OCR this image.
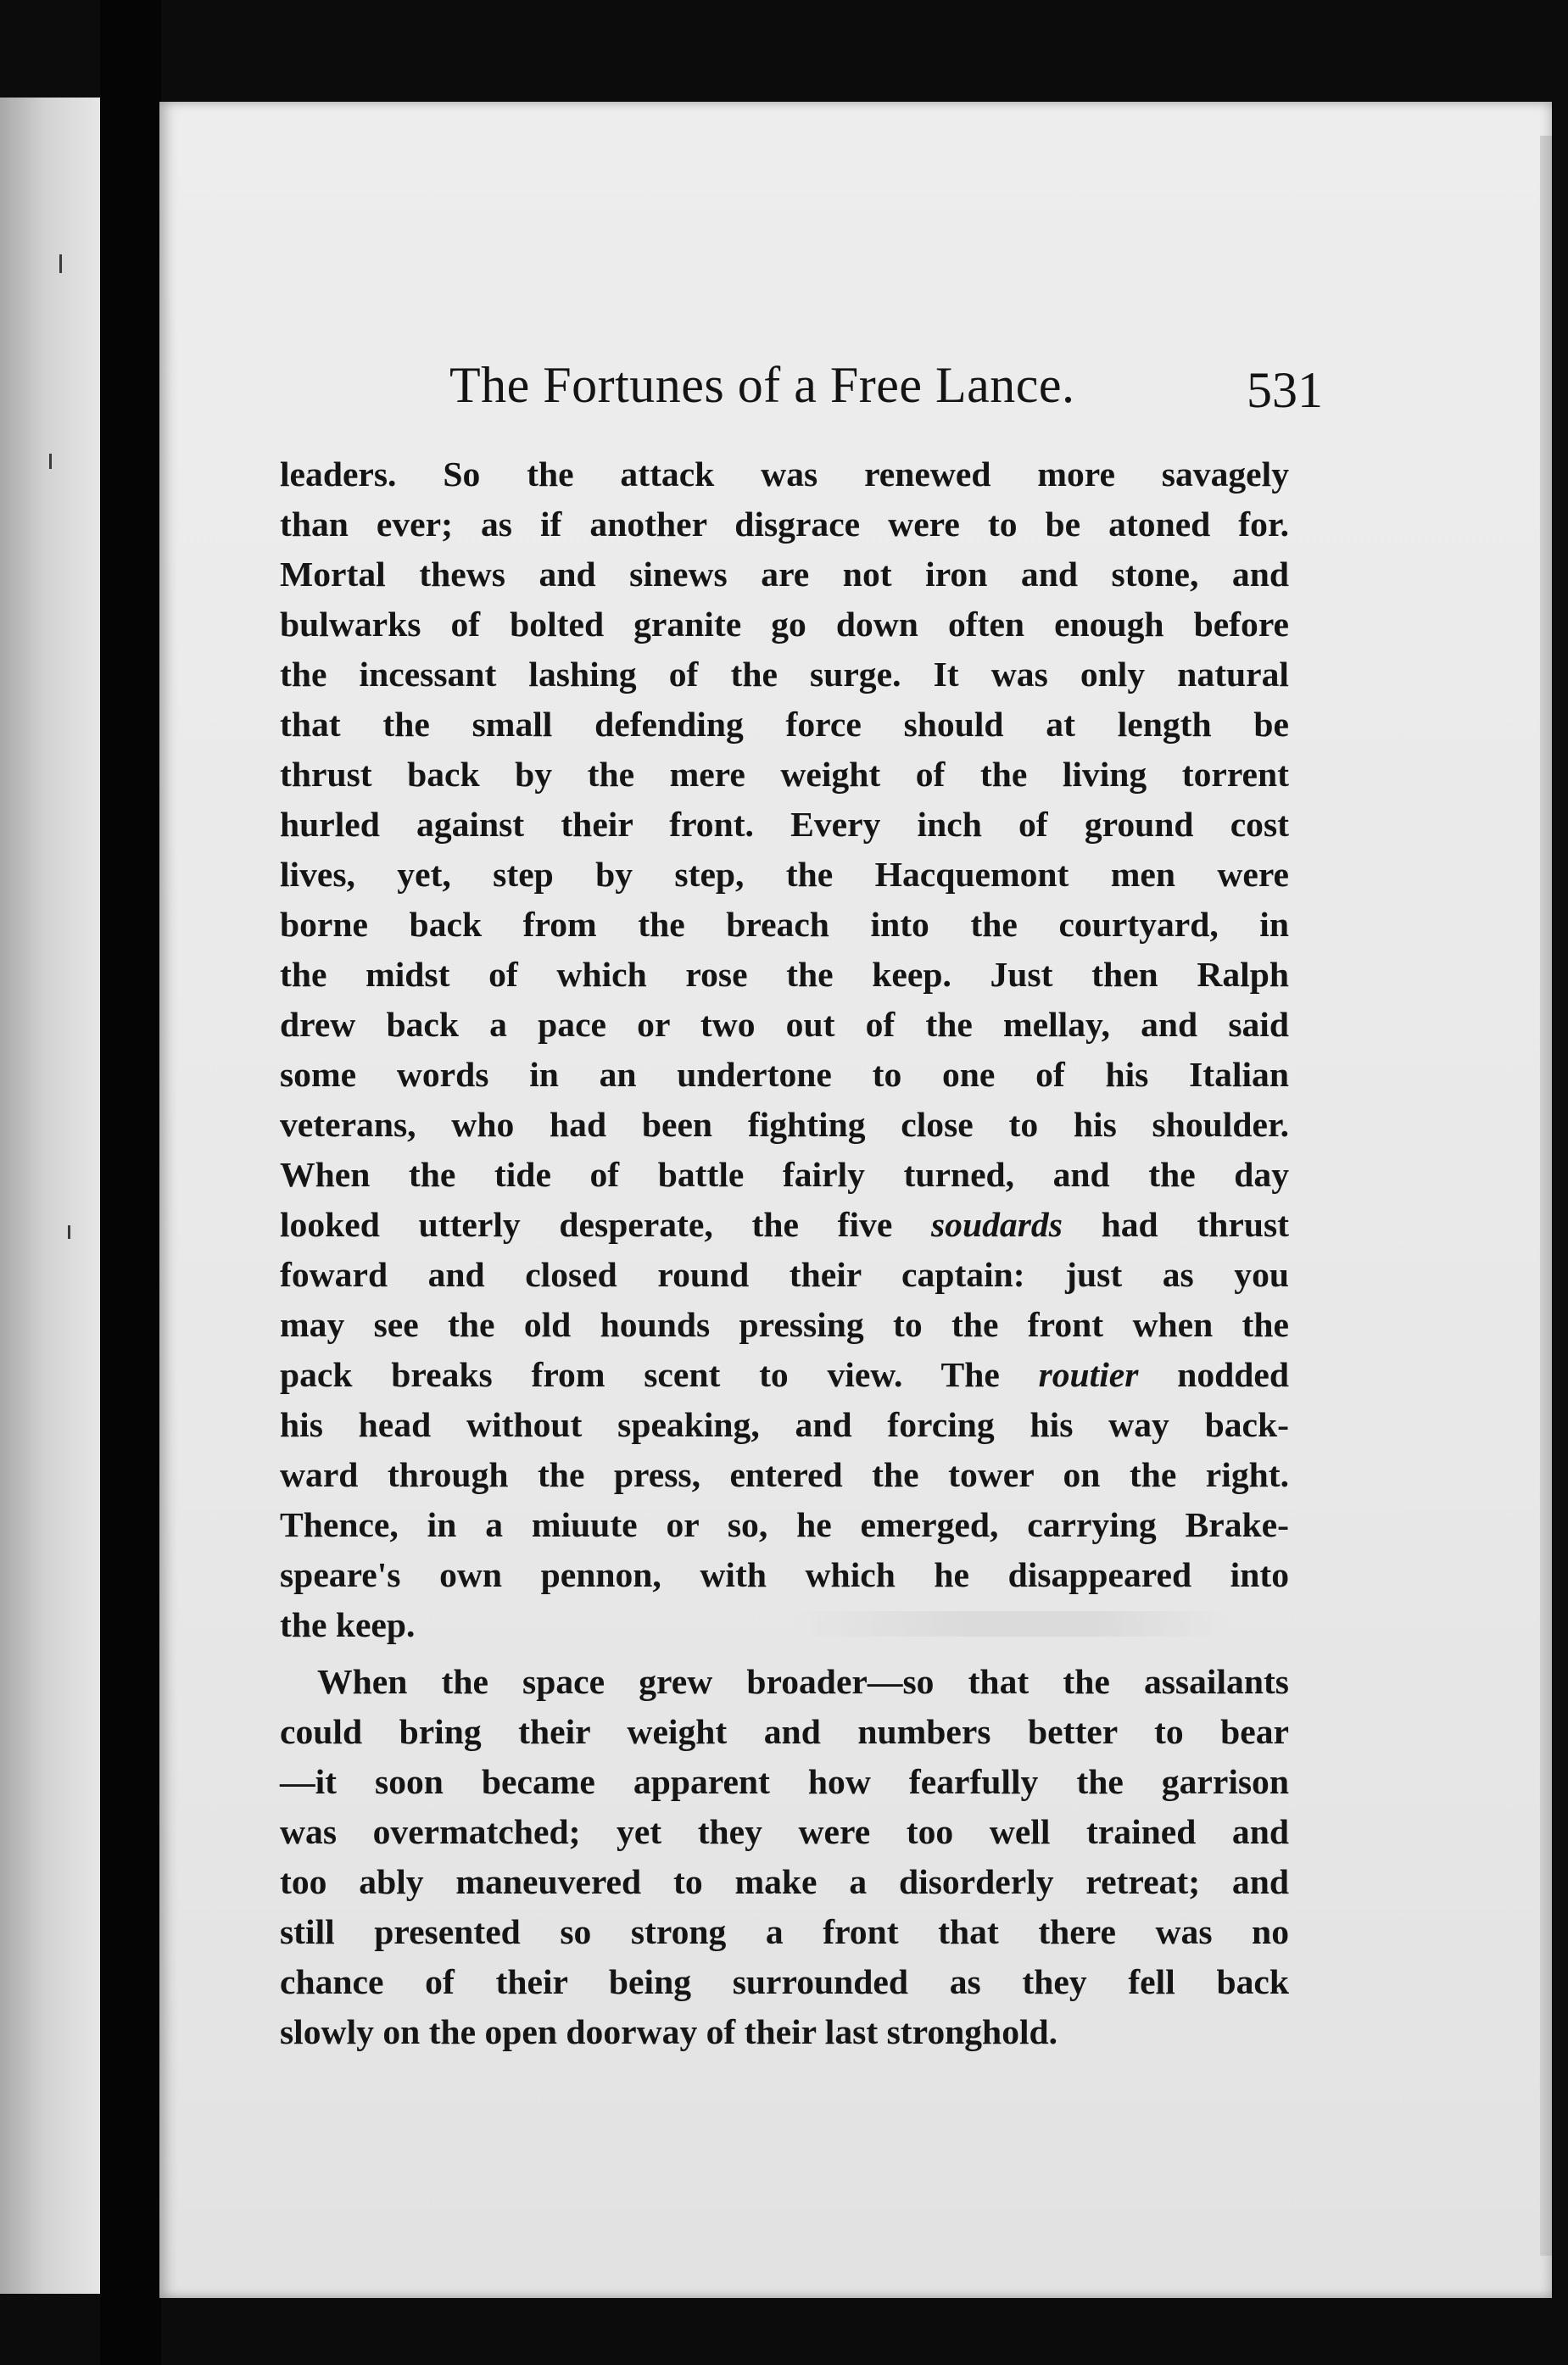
The Fortunes of a Free Lance.	531

leaders. So the attack was renewed more savagely
than ever; as if another disgrace were to be atoned for.
Mortal thews and sinews are not iron and stone, and
bulwarks of bolted granite go down often enough before
the incessant lashing of the surge. It was only natural
that the small defending force should at length be
thrust back by the mere weight of the living torrent
hurled against their front. Every inch of ground cost
lives, yet, step by step, the Hacquemont men were
borne back from the breach into the courtyard, in
the midst of which rose the keep. Just then Ralph
drew back a pace or two out of the mellay, and said
some words in an undertone to one of his Italian
veterans, who had been fighting close to his shoulder.
When the tide of battle fairly turned, and the day
looked utterly desperate, the five soudards had thrust
foward and closed round their captain: just as you
may see the old hounds pressing to the front when the
pack breaks from scent to view. The routier nodded
his head without speaking, and forcing his way back-
ward through the press, entered the tower on the right.
Thence, in a miuute or so, he emerged, carrying Brake-
speare's own pennon, with which he disappeared into
the keep.

When the space grew broader—so that the assailants
could bring their weight and numbers better to bear
—it soon became apparent how fearfully the garrison
was overmatched; yet they were too well trained and
too ably maneuvered to make a disorderly retreat; and
still presented so strong a front that there was no
chance of their being surrounded as they fell back
slowly on the open doorway of their last stronghold.
